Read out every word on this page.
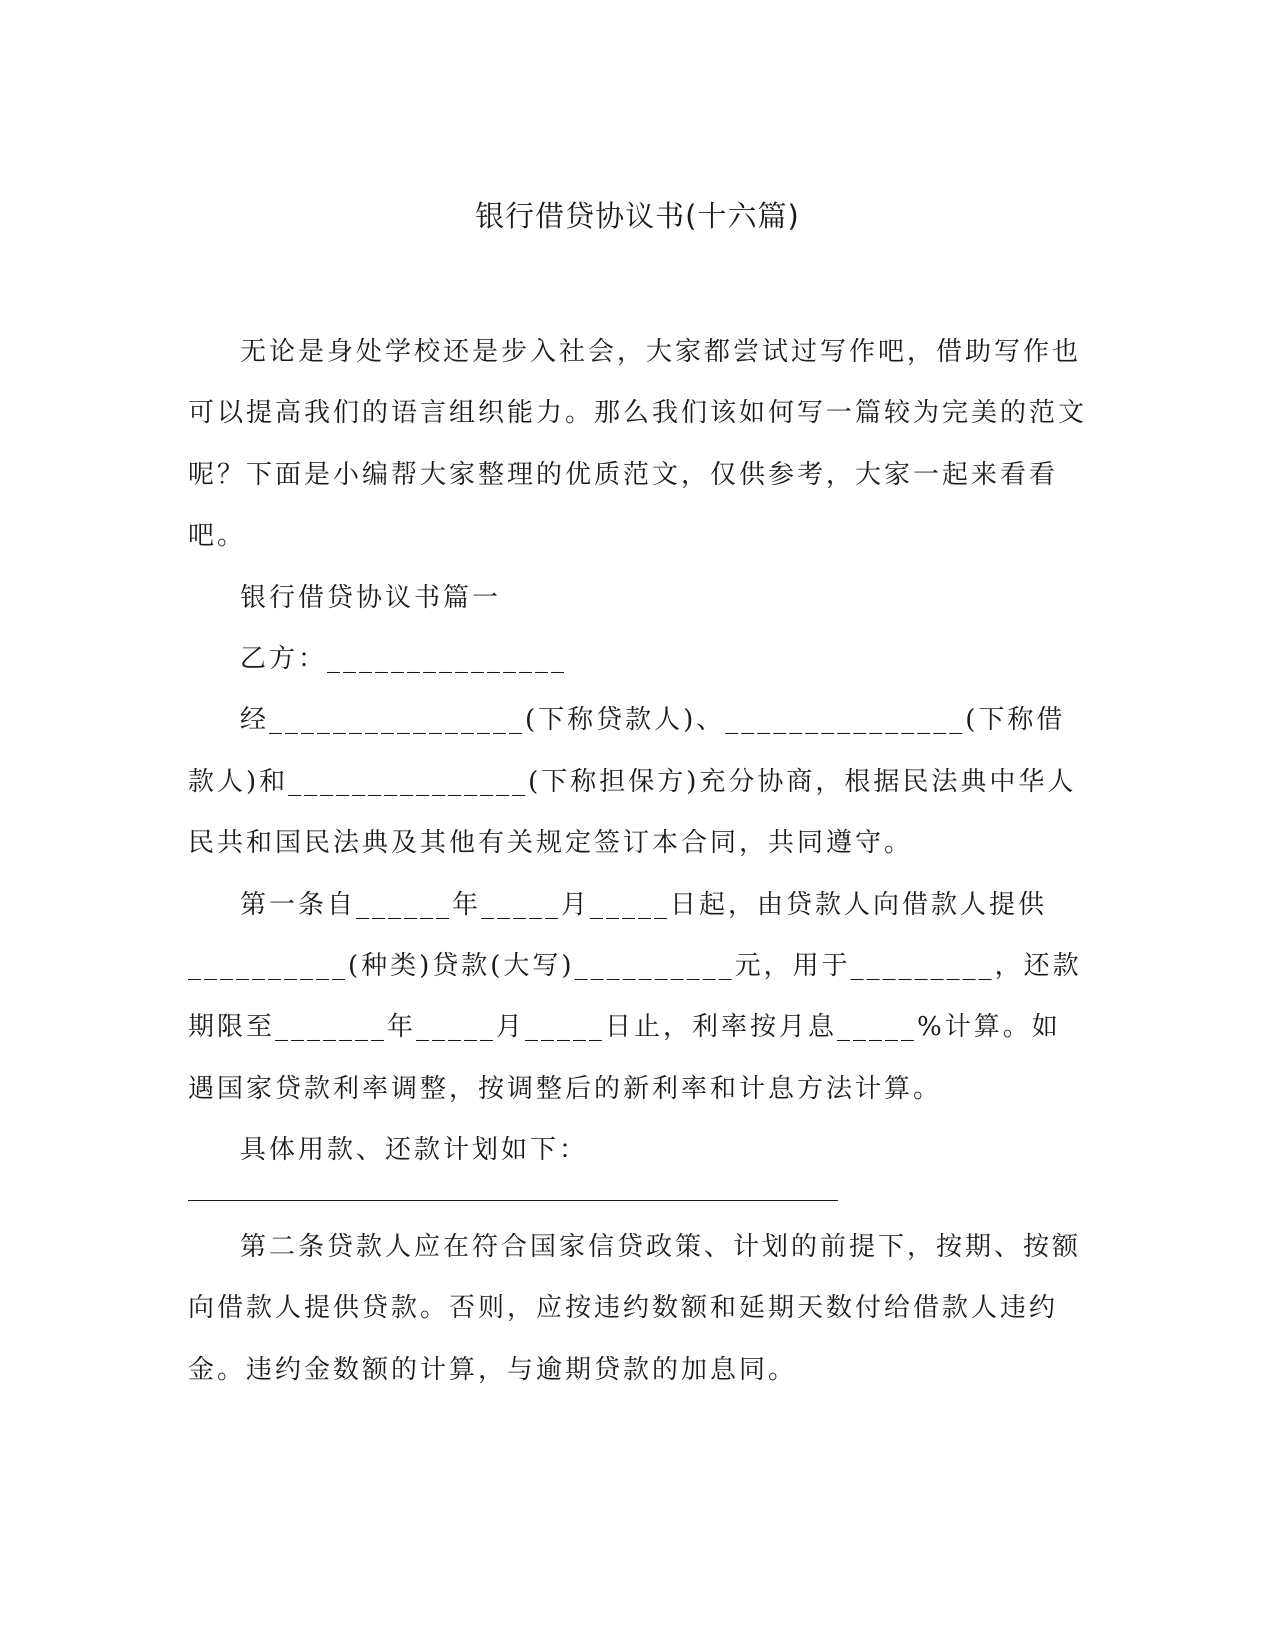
银行借贷协议书(十六篇)

无论是身处学校还是步入社会，大家都尝试过写作吧，借助写作也可以提高我们的语言组织能力。那么我们该如何写一篇较为完美的范文呢？下面是小编帮大家整理的优质范文，仅供参考，大家一起来看看吧。

银行借贷协议书篇一

乙方：_______________

经________________(下称贷款人)、_______________(下称借款人)和_______________(下称担保方)充分协商，根据民法典中华人民共和国民法典及其他有关规定签订本合同，共同遵守。

第一条自______年_____月_____日起，由贷款人向借款人提供__________(种类)贷款(大写)__________元，用于_________，还款期限至_______年_____月_____日止，利率按月息_____%计算。如遇国家贷款利率调整，按调整后的新利率和计息方法计算。

具体用款、还款计划如下：

第二条贷款人应在符合国家信贷政策、计划的前提下，按期、按额向借款人提供贷款。否则，应按违约数额和延期天数付给借款人违约金。违约金数额的计算，与逾期贷款的加息同。
